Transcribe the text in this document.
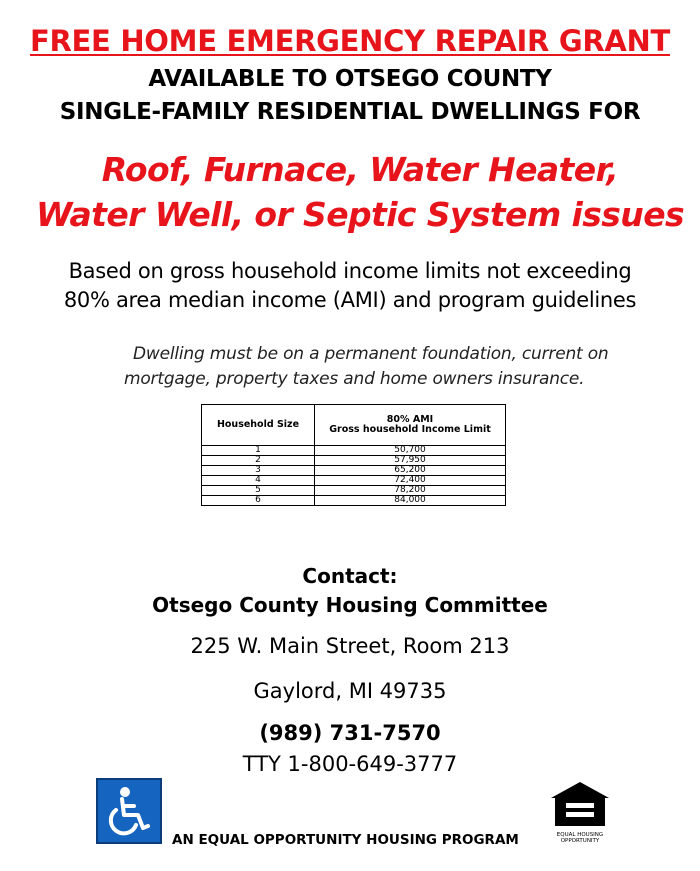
FREE HOME EMERGENCY REPAIR GRANT
AVAILABLE TO OTSEGO COUNTY
SINGLE-FAMILY RESIDENTIAL DWELLINGS FOR
Roof, Furnace, Water Heater,
Water Well, or Septic System issues
Based on gross household income limits not exceeding
80% area median income (AMI) and program guidelines
Dwelling must be on a permanent foundation, current on
mortgage, property taxes and home owners insurance.
Household Size	80% AMI
Gross household Income Limit

1	50,700
2	57,950
3	65,200
4	72,400
5	78,200
6	84,000
Contact:
Otsego County Housing Committee
225 W. Main Street, Room 213
Gaylord, MI 49735
(989) 731-7570
TTY 1-800-649-3777
AN EQUAL OPPORTUNITY HOUSING PROGRAM	EQUAL HOUSING
OPPORTUNITY
